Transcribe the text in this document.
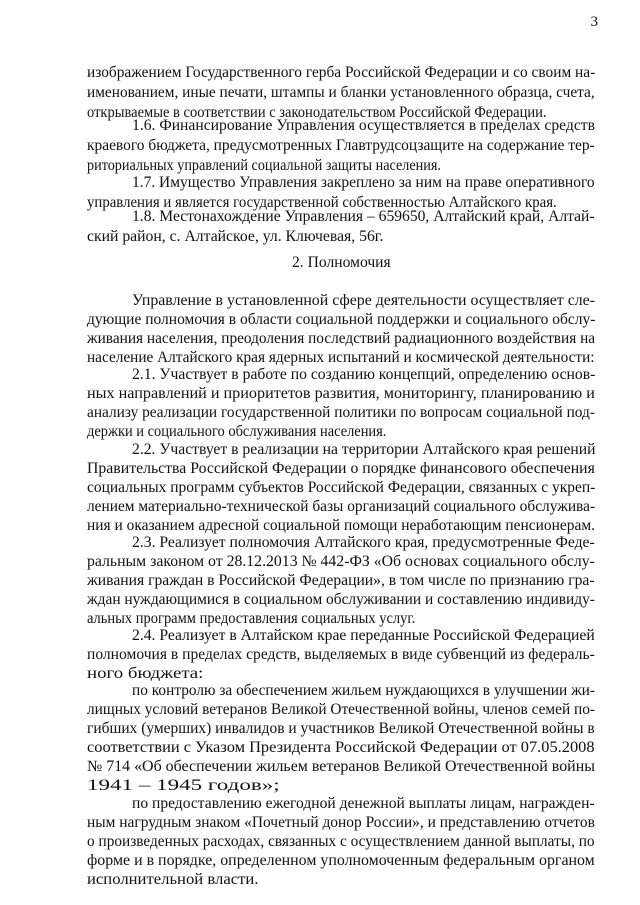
3
изображением Государственного герба Российской Федерации и со своим на-
именованием, иные печати, штампы и бланки установленного образца, счета,
открываемые в соответствии с законодательством Российской Федерации.
1.6. Финансирование Управления осуществляется в пределах средств
краевого бюджета, предусмотренных Главтрудсоцзащите на содержание тер-
риториальных управлений социальной защиты населения.
1.7. Имущество Управления закреплено за ним на праве оперативного
управления и является государственной собственностью Алтайского края.
1.8. Местонахождение Управления – 659650, Алтайский край, Алтай-
ский район, с. Алтайское, ул. Ключевая, 56г.
Управление в установленной сфере деятельности осуществляет сле-
дующие полномочия в области социальной поддержки и социального обслу-
живания населения, преодоления последствий радиационного воздействия на
население Алтайского края ядерных испытаний и космической деятельности:
2.1. Участвует в работе по созданию концепций, определению основ-
ных направлений и приоритетов развития, мониторингу, планированию и
анализу реализации государственной политики по вопросам социальной под-
держки и социального обслуживания населения.
2.2. Участвует в реализации на территории Алтайского края решений
Правительства Российской Федерации о порядке финансового обеспечения
социальных программ субъектов Российской Федерации, связанных с укреп-
лением материально-технической базы организаций социального обслужива-
ния и оказанием адресной социальной помощи неработающим пенсионерам.
2.3. Реализует полномочия Алтайского края, предусмотренные Феде-
ральным законом от 28.12.2013 № 442-ФЗ «Об основах социального обслу-
живания граждан в Российской Федерации», в том числе по признанию гра-
ждан нуждающимися в социальном обслуживании и составлению индивиду-
альных программ предоставления социальных услуг.
2.4. Реализует в Алтайском крае переданные Российской Федерацией
полномочия в пределах средств, выделяемых в виде субвенций из федераль-
ного бюджета:
по контролю за обеспечением жильем нуждающихся в улучшении жи-
лищных условий ветеранов Великой Отечественной войны, членов семей по-
гибших (умерших) инвалидов и участников Великой Отечественной войны в
соответствии с Указом Президента Российской Федерации от 07.05.2008
№ 714 «Об обеспечении жильем ветеранов Великой Отечественной войны
1941 – 1945 годов»;
по предоставлению ежегодной денежной выплаты лицам, награжден-
ным нагрудным знаком «Почетный донор России», и представлению отчетов
о произведенных расходах, связанных с осуществлением данной выплаты, по
форме и в порядке, определенном уполномоченным федеральным органом
исполнительной власти.
2. Полномочия
